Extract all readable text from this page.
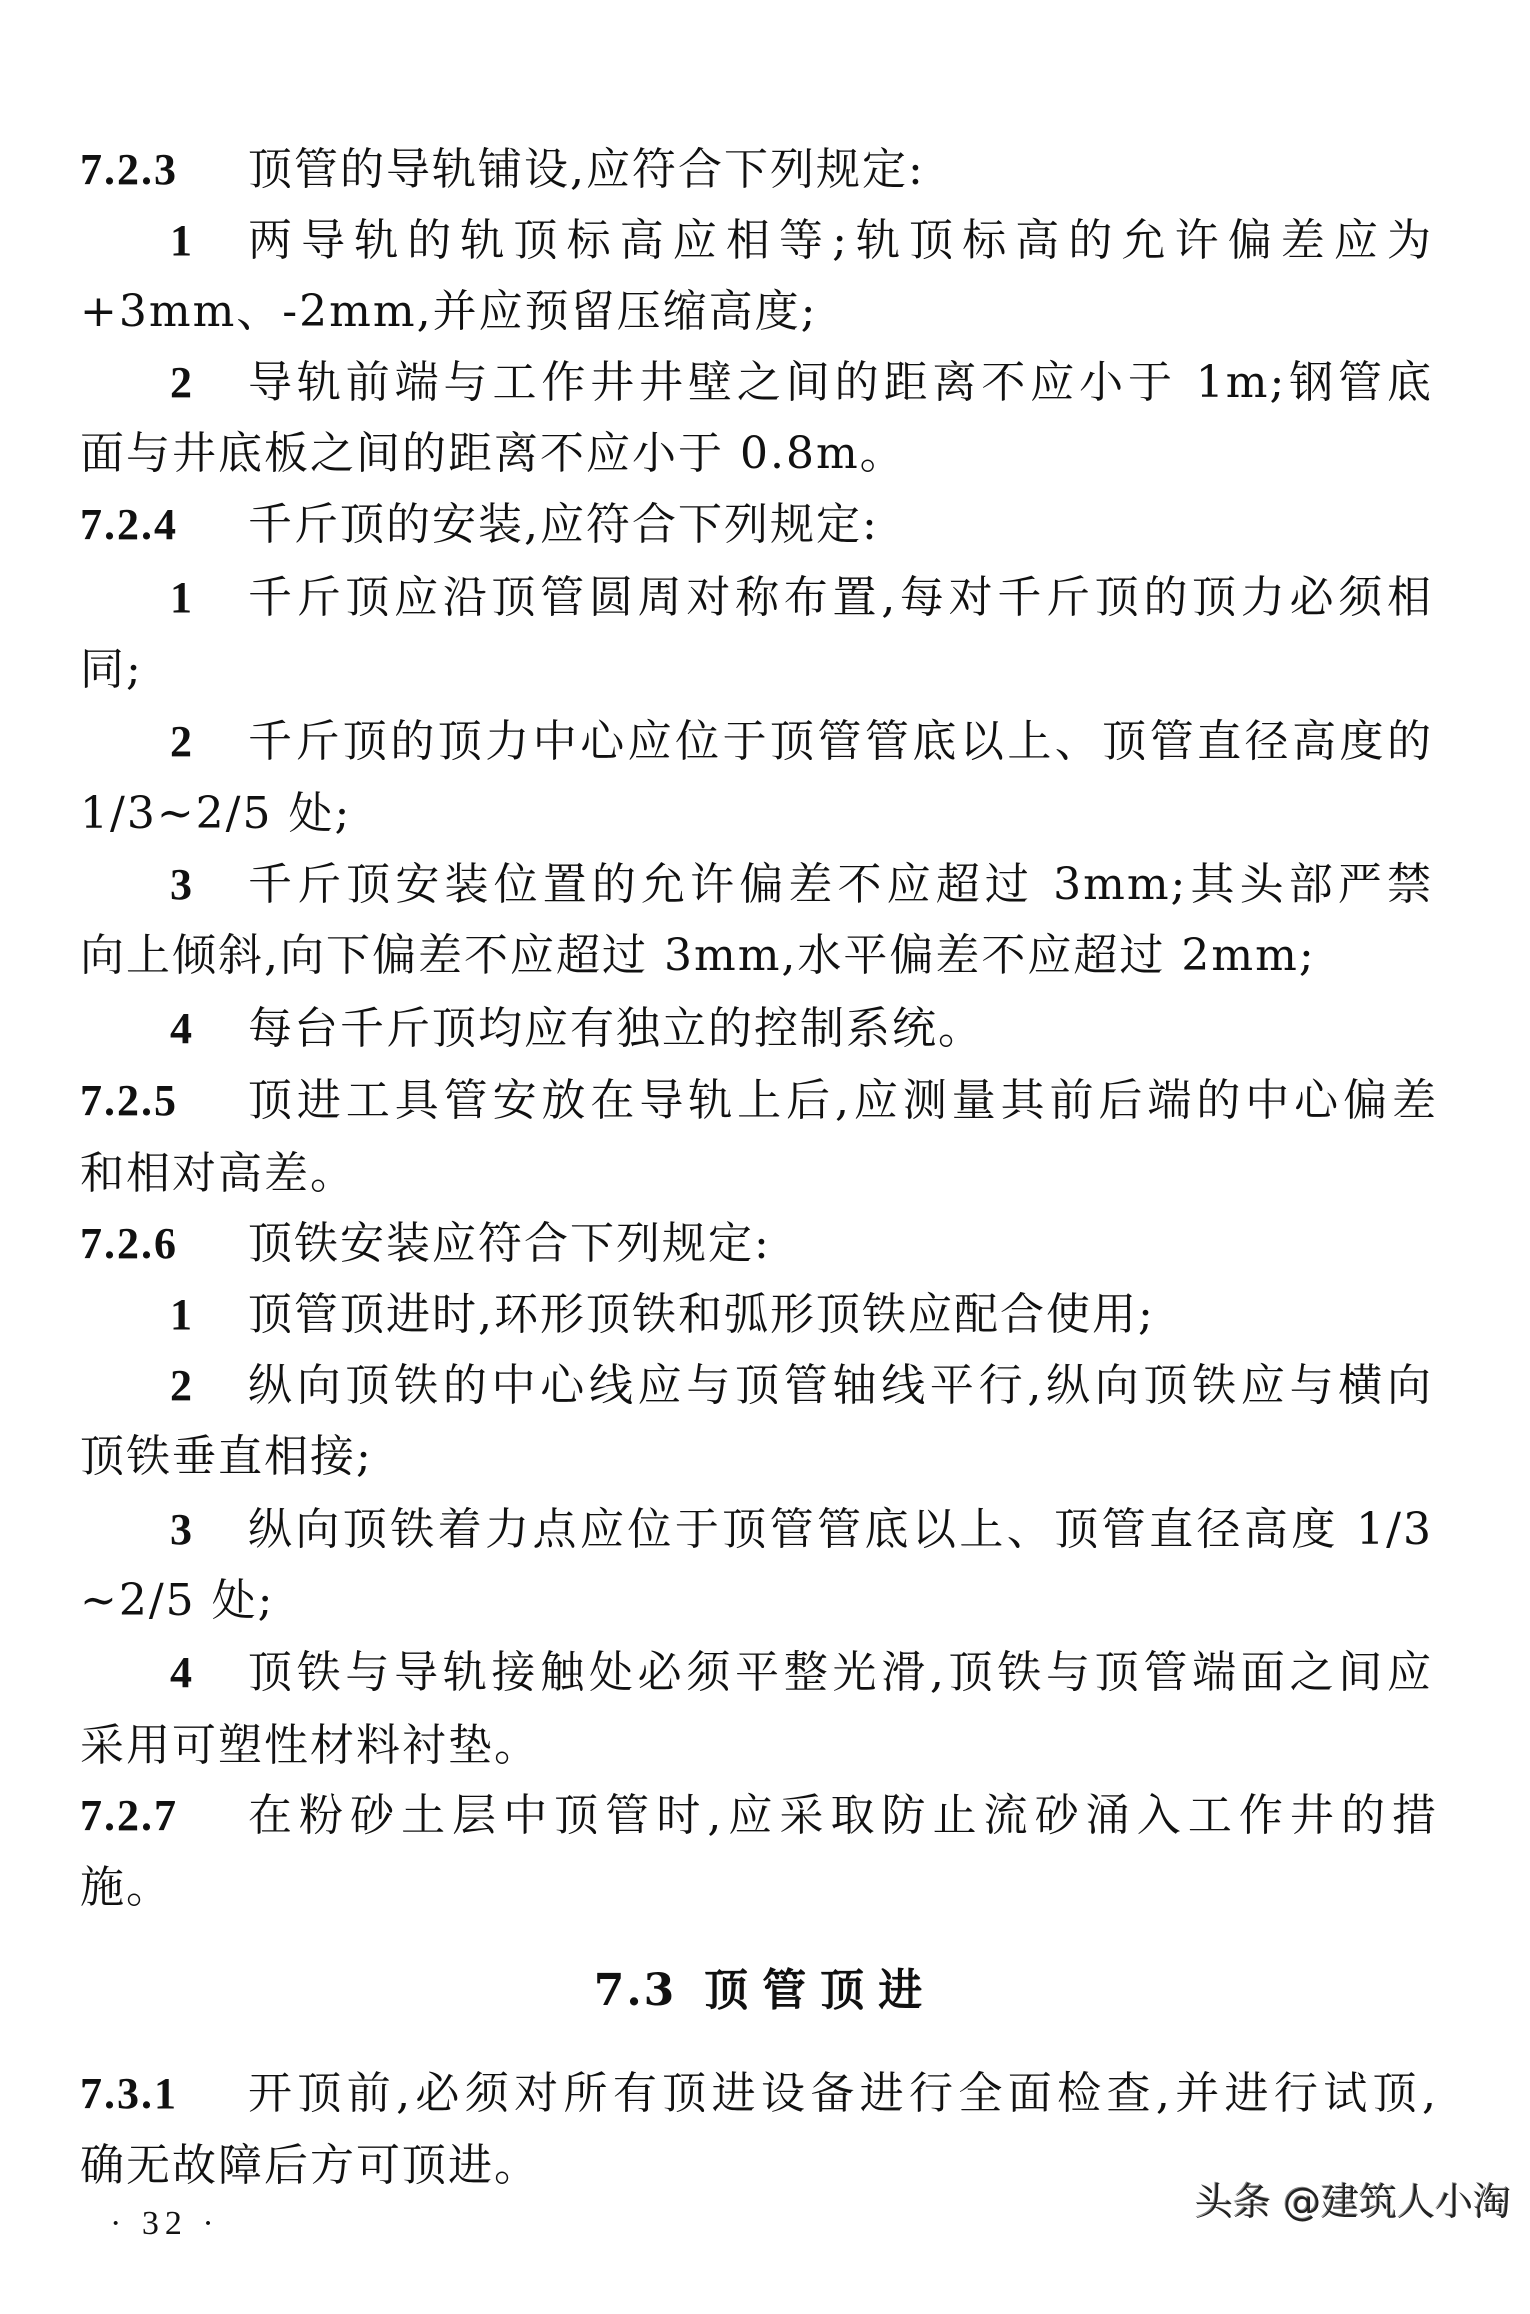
7.2.3 顶管的导轨铺设,应符合下列规定:
1 两导轨的轨顶标高应相等;轨顶标高的允许偏差应为
+3mm、-2mm,并应预留压缩高度;
2 导轨前端与工作井井壁之间的距离不应小于 1m;钢管底
面与井底板之间的距离不应小于 0.8m。
7.2.4 千斤顶的安装,应符合下列规定:
1 千斤顶应沿顶管圆周对称布置,每对千斤顶的顶力必须相
同;
2 千斤顶的顶力中心应位于顶管管底以上、顶管直径高度的
1/3~2/5 处;
3 千斤顶安装位置的允许偏差不应超过 3mm;其头部严禁
向上倾斜,向下偏差不应超过 3mm,水平偏差不应超过 2mm;
4 每台千斤顶均应有独立的控制系统。
7.2.5 顶进工具管安放在导轨上后,应测量其前后端的中心偏差
和相对高差。
7.2.6 顶铁安装应符合下列规定:
1 顶管顶进时,环形顶铁和弧形顶铁应配合使用;
2 纵向顶铁的中心线应与顶管轴线平行,纵向顶铁应与横向
顶铁垂直相接;
3 纵向顶铁着力点应位于顶管管底以上、顶管直径高度 1/3
~2/5 处;
4 顶铁与导轨接触处必须平整光滑,顶铁与顶管端面之间应
采用可塑性材料衬垫。
7.2.7 在粉砂土层中顶管时,应采取防止流砂涌入工作井的措
施。
7.3 顶管顶进
7.3.1 开顶前,必须对所有顶进设备进行全面检查,并进行试顶,
确无故障后方可顶进。
· 32 ·	头条 @建筑人小淘
